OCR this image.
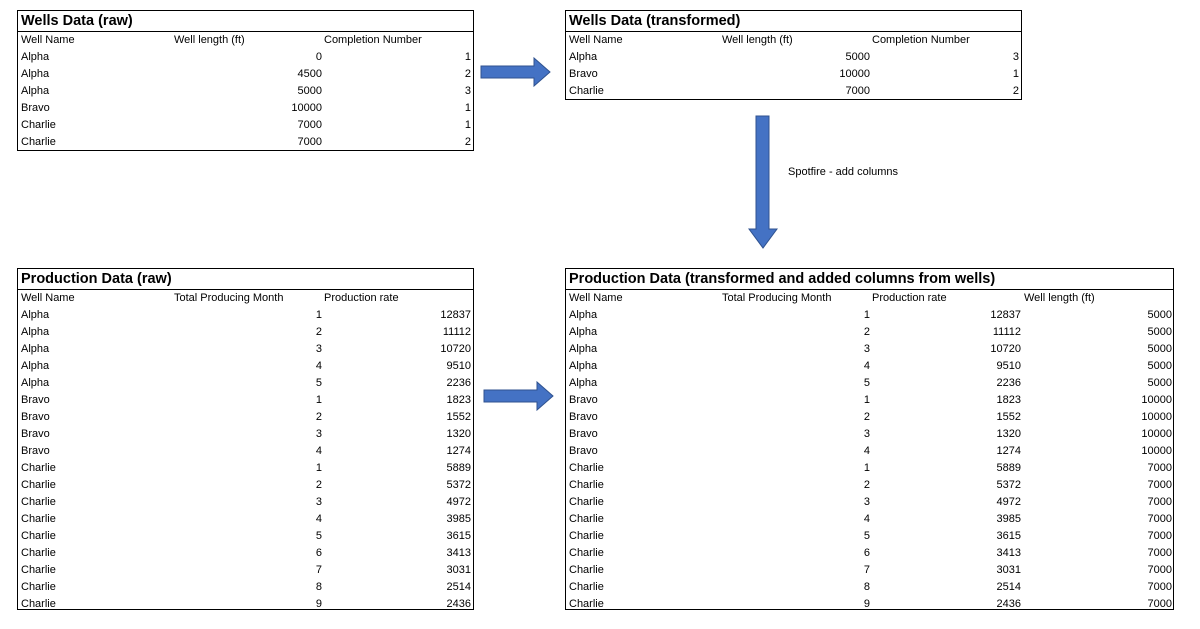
Wells Data (raw)
Well Name	Well length (ft)	Completion Number
Alpha	0	1
Alpha	4500	2
Alpha	5000	3
Bravo	10000	1
Charlie	7000	1
Charlie	7000	2
Wells Data (transformed)
Well Name	Well length (ft)	Completion Number
Alpha	5000	3
Bravo	10000	1
Charlie	7000	2
Production Data (raw)
Well Name	Total Producing Month	Production rate
Alpha	1	12837
Alpha	2	11112
Alpha	3	10720
Alpha	4	9510
Alpha	5	2236
Bravo	1	1823
Bravo	2	1552
Bravo	3	1320
Bravo	4	1274
Charlie	1	5889
Charlie	2	5372
Charlie	3	4972
Charlie	4	3985
Charlie	5	3615
Charlie	6	3413
Charlie	7	3031
Charlie	8	2514
Charlie	9	2436
Production Data (transformed and added columns from wells)
Well Name	Total Producing Month	Production rate	Well length (ft)
Alpha	1	12837	5000
Alpha	2	11112	5000
Alpha	3	10720	5000
Alpha	4	9510	5000
Alpha	5	2236	5000
Bravo	1	1823	10000
Bravo	2	1552	10000
Bravo	3	1320	10000
Bravo	4	1274	10000
Charlie	1	5889	7000
Charlie	2	5372	7000
Charlie	3	4972	7000
Charlie	4	3985	7000
Charlie	5	3615	7000
Charlie	6	3413	7000
Charlie	7	3031	7000
Charlie	8	2514	7000
Charlie	9	2436	7000
Spotfire - add columns
